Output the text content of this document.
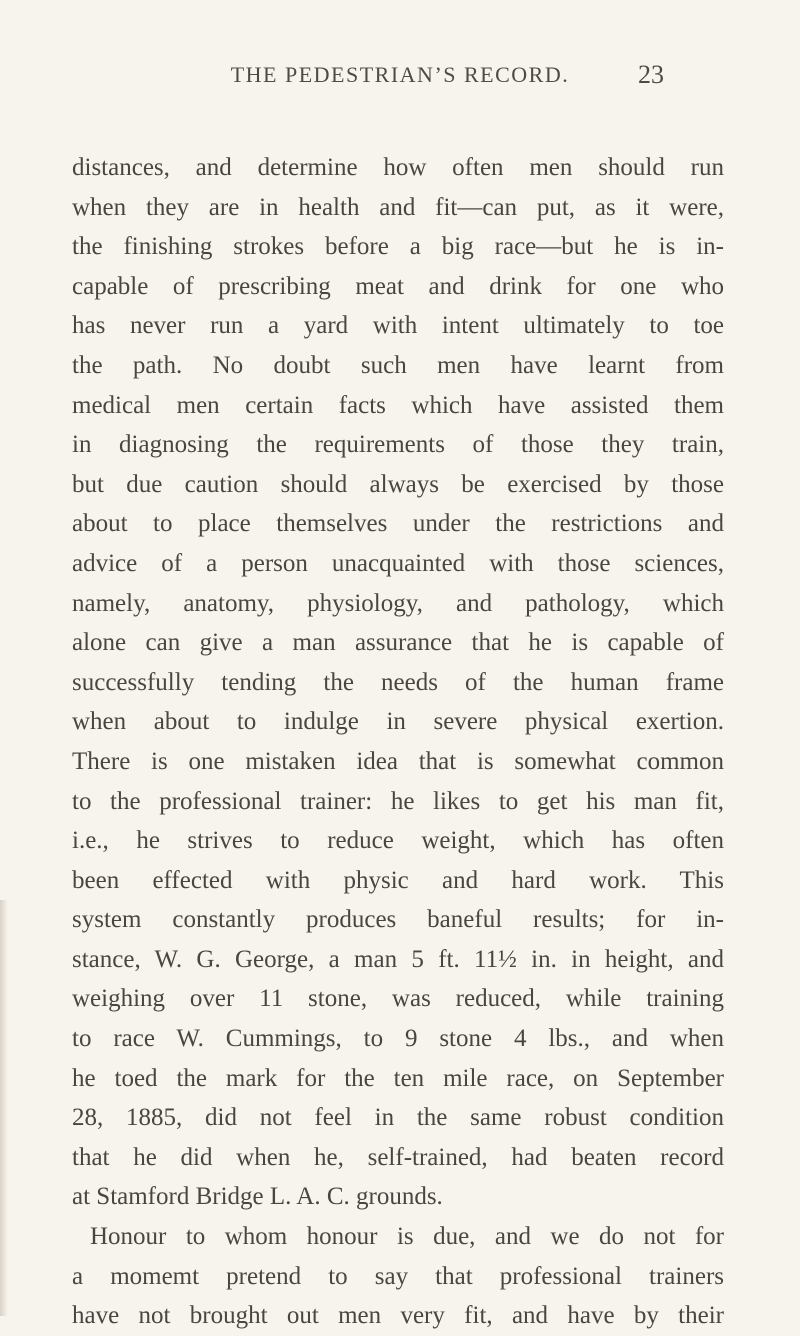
THE PEDESTRIAN’S RECORD.	23
distances, and determine how often men should run
when they are in health and fit—can put, as it were,
the finishing strokes before a big race—but he is in-
capable of prescribing meat and drink for one who
has never run a yard with intent ultimately to toe
the path. No doubt such men have learnt from
medical men certain facts which have assisted them
in diagnosing the requirements of those they train,
but due caution should always be exercised by those
about to place themselves under the restrictions and
advice of a person unacquainted with those sciences,
namely, anatomy, physiology, and pathology, which
alone can give a man assurance that he is capable of
successfully tending the needs of the human frame
when about to indulge in severe physical exertion.
There is one mistaken idea that is somewhat common
to the professional trainer: he likes to get his man fit,
i.e., he strives to reduce weight, which has often
been effected with physic and hard work. This
system constantly produces baneful results; for in-
stance, W. G. George, a man 5 ft. 11½ in. in height, and
weighing over 11 stone, was reduced, while training
to race W. Cummings, to 9 stone 4 lbs., and when
he toed the mark for the ten mile race, on September
28, 1885, did not feel in the same robust condition
that he did when he, self-trained, had beaten record
at Stamford Bridge L. A. C. grounds.
Honour to whom honour is due, and we do not for
a momemt pretend to say that professional trainers
have not brought out men very fit, and have by their
